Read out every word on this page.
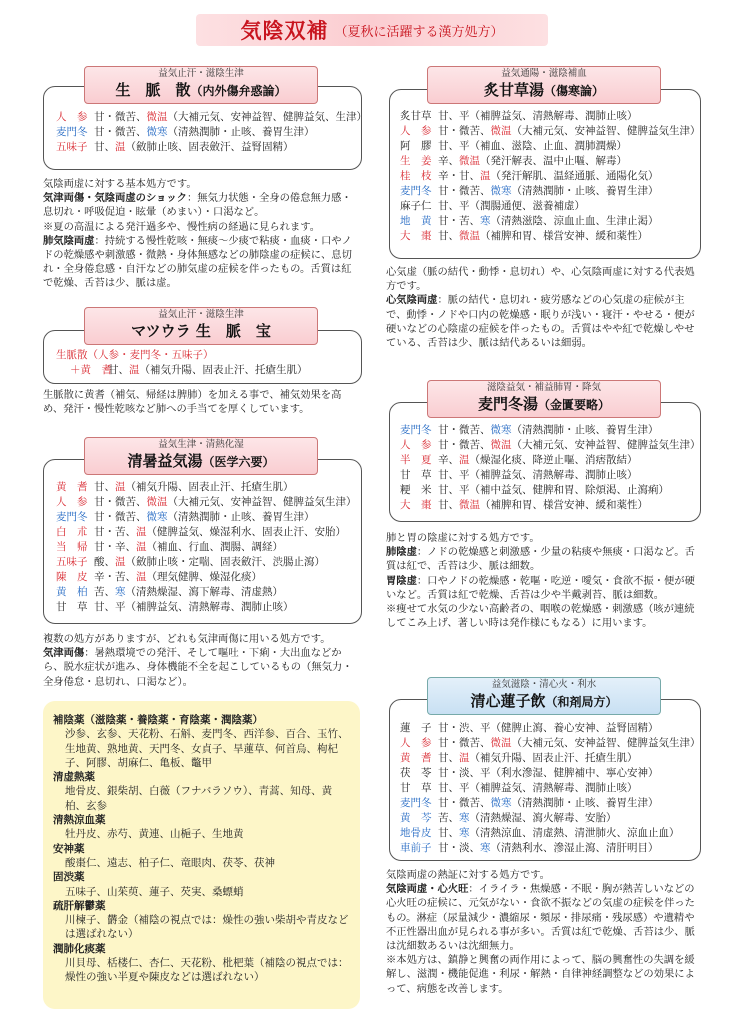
気陰双補 （夏秋に活躍する漢方処方）
益気止汗・滋陰生津
生　脈　散（内外傷弁惑論）
人　参 甘・微苦、 微温 （大補元気、安神益智、健脾益気、生津）
麦門冬 甘・微苦、 微寒 （清熱潤肺・止咳、養胃生津）
五味子 甘、 温 （斂肺止咳、固表斂汗、益腎固精）

気陰両虚に対する基本処方です。

気津両傷・気陰両虚のショック：無気力状態・全身の倦怠無力感・息切れ・呼吸促迫・眩暈（めまい）・口渇など。

※夏の高温による発汗過多や、慢性病の経過に見られます。

肺気陰両虚：持続する慢性乾咳・無痰〜少痰で粘痰・血痰・口やノドの乾燥感や刺激感・微熱・身体無感などの肺陰虚の症候に、息切れ・全身倦怠感・自汗などの肺気虚の症候を伴ったもの。舌質は紅で乾燥、舌苔は少、脈は虚。

益気止汗・滋陰生津
マツウラ 生　脈　宝
生脈散（人参・麦門冬・五味子）
＋黄　耆
甘、 温 （補気升陽、固表止汗、托瘡生肌）

生脈散に黄耆（補気、帰経は脾肺）を加える事で、補気効果を高め、発汗・慢性乾咳など肺への手当てを厚くしています。

益気生津・清熱化湿
清暑益気湯（医学六要）
黄　耆 甘、 温 （補気升陽、固表止汗、托瘡生肌）
人　参 甘・微苦、 微温 （大補元気、安神益智、健脾益気生津）
麦門冬 甘・微苦、 微寒 （清熱潤肺・止咳、養胃生津）
白　朮 甘・苦、 温 （健脾益気、燥湿利水、固表止汗、安胎）
当　帰 甘・辛、 温 （補血、行血、潤腸、調経）
五味子 酸、 温 （斂肺止咳・定喘、固表斂汗、渋腸止瀉）
陳　皮 辛・苦、 温 （理気健脾、燥湿化痰）
黄　柏 苦、 寒 （清熱燥湿、瀉下解毒、清虚熱）
甘　草 甘、平 （補脾益気、清熱解毒、潤肺止咳）

複数の処方がありますが、どれも気津両傷に用いる処方です。

気津両傷：暑熱環境での発汗、そして嘔吐・下痢・大出血などから、脱水症状が進み、身体機能不全を起こしているもの（無気力・全身倦怠・息切れ、口渇など）。

補陰薬（滋陰薬・養陰薬・育陰薬・潤陰薬）
沙参、玄参、天花粉、石斛、麦門冬、西洋参、百合、玉竹、生地黄、熟地黄、天門冬、女貞子、旱蓮草、何首烏、枸杞子、阿膠、胡麻仁、亀板、鼈甲
清虚熱薬
地骨皮、銀柴胡、白薇（フナバラソウ）、青蒿、知母、黄柏、玄参
清熱涼血薬
牡丹皮、赤芍、黄連、山梔子、生地黄
安神薬
酸棗仁、遠志、柏子仁、竜眼肉、茯苓、茯神
固渋薬
五味子、山茱萸、蓮子、芡実、桑螵蛸
疏肝解鬱薬
川楝子、欝金（補陰の視点では：燥性の強い柴胡や青皮などは選ばれない）
潤肺化痰薬
川貝母、栝楼仁、杏仁、天花粉、枇杷葉（補陰の視点では：燥性の強い半夏や陳皮などは選ばれない）
益気通陽・滋陰補血
炙甘草湯（傷寒論）
炙甘草 甘、平 （補脾益気、清熱解毒、潤肺止咳）
人　参 甘・微苦、 微温 （大補元気、安神益智、健脾益気生津）
阿　膠 甘、平 （補血、滋陰、止血、潤肺潤燥）
生　姜 辛、 微温 （発汗解表、温中止嘔、解毒）
桂　枝 辛・甘、 温 （発汗解肌、温経通脈、通陽化気）
麦門冬 甘・微苦、 微寒 （清熱潤肺・止咳、養胃生津）
麻子仁 甘、平 （潤腸通便、滋養補虚）
地　黄 甘・苦、 寒 （清熱滋陰、涼血止血、生津止渇）
大　棗 甘、 微温 （補脾和胃、様営安神、緩和薬性）

心気虚（脈の結代・動悸・息切れ）や、心気陰両虚に対する代表処方です。

心気陰両虚：脈の結代・息切れ・疲労感などの心気虚の症候が主で、動悸・ノドや口内の乾燥感・眠りが浅い・寝汗・やせる・便が硬いなどの心陰虚の症候を伴ったもの。舌質はやや紅で乾燥しやせている、舌苔は少、脈は結代あるいは細弱。

滋陰益気・補益肺胃・降気
麦門冬湯（金匱要略）
麦門冬 甘・微苦、 微寒 （清熱潤肺・止咳、養胃生津）
人　参 甘・微苦、 微温 （大補元気、安神益智、健脾益気生津）
半　夏 辛、 温 （燥湿化痰、降逆止嘔、消痞散結）
甘　草 甘、平 （補脾益気、清熱解毒、潤肺止咳）
粳　米 甘、平 （補中益気、健脾和胃、除煩渇、止瀉痢）
大　棗 甘、 微温 （補脾和胃、様営安神、緩和薬性）

肺と胃の陰虚に対する処方です。

肺陰虚：ノドの乾燥感と刺激感・少量の粘痰や無痰・口渇など。舌質は紅で、舌苔は少、脈は細数。

胃陰虚：口やノドの乾燥感・乾嘔・吃逆・噯気・食欲不振・便が硬いなど。舌質は紅で乾燥、舌苔は少や半戴剥苔、脈は細数。

※痩せて水気の少ない高齢者の、咽喉の乾燥感・刺激感（咳が連続してこみ上げ、著しい時は発作様にもなる）に用います。

益気滋陰・清心火・利水
清心蓮子飲（和剤局方）
蓮　子 甘・渋、平 （健脾止瀉、養心安神、益腎固精）
人　参 甘・微苦、 微温 （大補元気、安神益智、健脾益気生津）
黄　耆 甘、 温 （補気升陽、固表止汗、托瘡生肌）
茯　苓 甘・淡、平 （利水滲湿、健脾補中、寧心安神）
甘　草 甘、平 （補脾益気、清熱解毒、潤肺止咳）
麦門冬 甘・微苦、 微寒 （清熱潤肺・止咳、養胃生津）
黄　芩 苦、 寒 （清熱燥湿、瀉火解毒、安胎）
地骨皮 甘、 寒 （清熱涼血、清虚熱、清泄肺火、涼血止血）
車前子 甘・淡、 寒 （清熱利水、滲湿止瀉、清肝明目）

気陰両虚の熱証に対する処方です。

気陰両虚・心火旺：イライラ・焦燥感・不眠・胸が熱苦しいなどの心火旺の症候に、元気がない・食欲不振などの気虚の症候を伴ったもの。淋症（尿量減少・濃縮尿・頻尿・排尿痛・残尿感）や遺精や不正性器出血が見られる事が多い。舌質は紅で乾燥、舌苔は少、脈は沈細数あるいは沈細無力。

※本処方は、鎮静と興奮の両作用によって、脳の興奮性の失調を緩解し、滋潤・機能促進・利尿・解熱・自律神経調整などの効果によって、病態を改善します。
